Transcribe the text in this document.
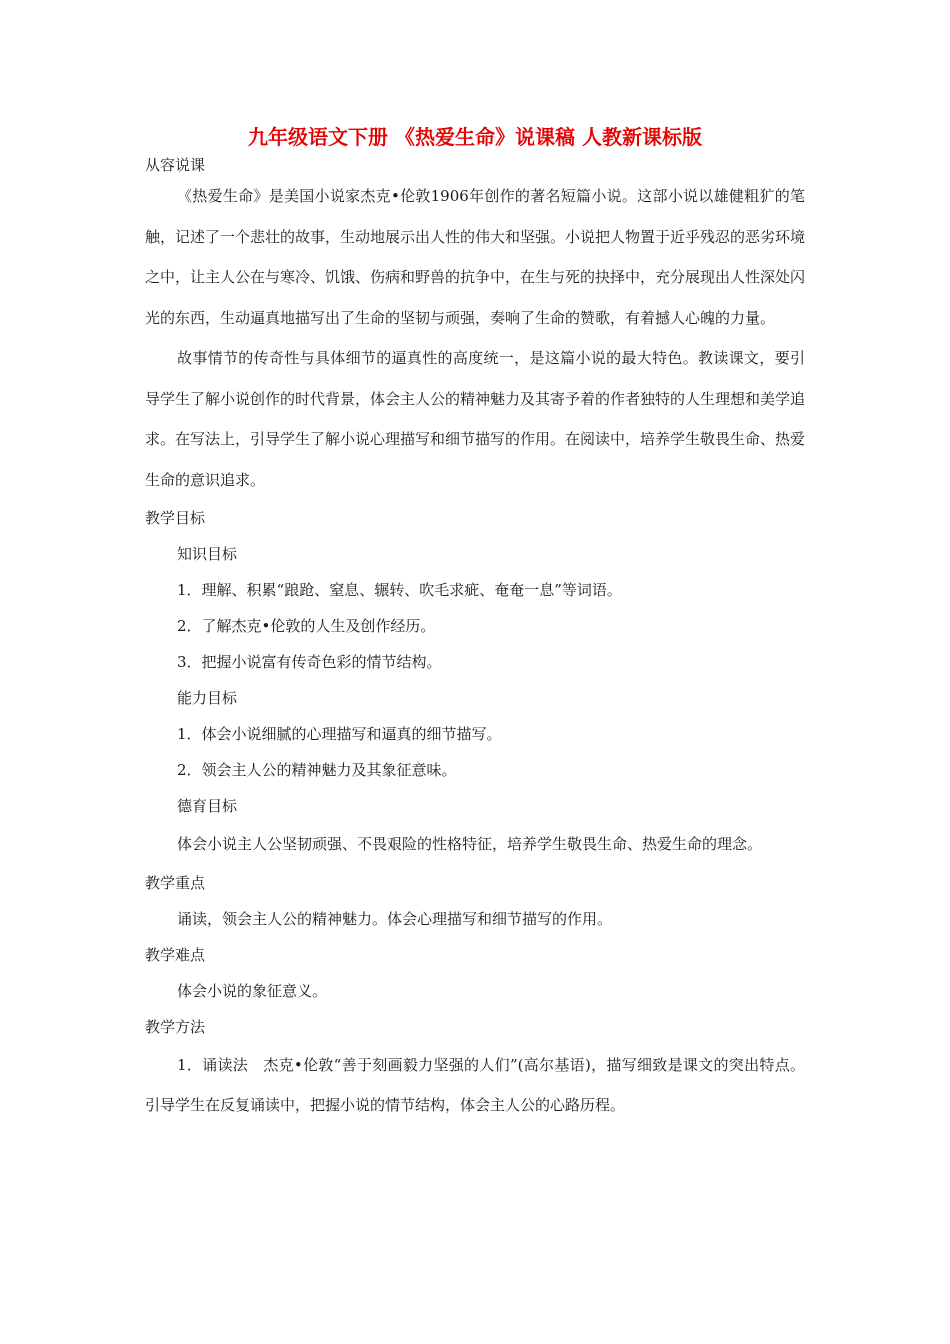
九年级语文下册 《热爱生命》说课稿 人教新课标版

从容说课

《热爱生命》是美国小说家杰克•伦敦1906年创作的著名短篇小说。这部小说以雄健粗犷的笔触，记述了一个悲壮的故事，生动地展示出人性的伟大和坚强。小说把人物置于近乎残忍的恶劣环境之中，让主人公在与寒冷、饥饿、伤病和野兽的抗争中，在生与死的抉择中，充分展现出人性深处闪光的东西，生动逼真地描写出了生命的坚韧与顽强，奏响了生命的赞歌，有着撼人心魄的力量。

故事情节的传奇性与具体细节的逼真性的高度统一，是这篇小说的最大特色。教读课文，要引导学生了解小说创作的时代背景，体会主人公的精神魅力及其寄予着的作者独特的人生理想和美学追求。在写法上，引导学生了解小说心理描写和细节描写的作用。在阅读中，培养学生敬畏生命、热爱生命的意识追求。

教学目标

知识目标

1．理解、积累“踉跄、窒息、辗转、吹毛求疵、奄奄一息”等词语。

2．了解杰克•伦敦的人生及创作经历。

3．把握小说富有传奇色彩的情节结构。

能力目标

1．体会小说细腻的心理描写和逼真的细节描写。

2．领会主人公的精神魅力及其象征意味。

德育目标

体会小说主人公坚韧顽强、不畏艰险的性格特征，培养学生敬畏生命、热爱生命的理念。

教学重点

诵读，领会主人公的精神魅力。体会心理描写和细节描写的作用。

教学难点

体会小说的象征意义。

教学方法

1．诵读法　杰克•伦敦“善于刻画毅力坚强的人们”(高尔基语)，描写细致是课文的突出特点。引导学生在反复诵读中，把握小说的情节结构，体会主人公的心路历程。
